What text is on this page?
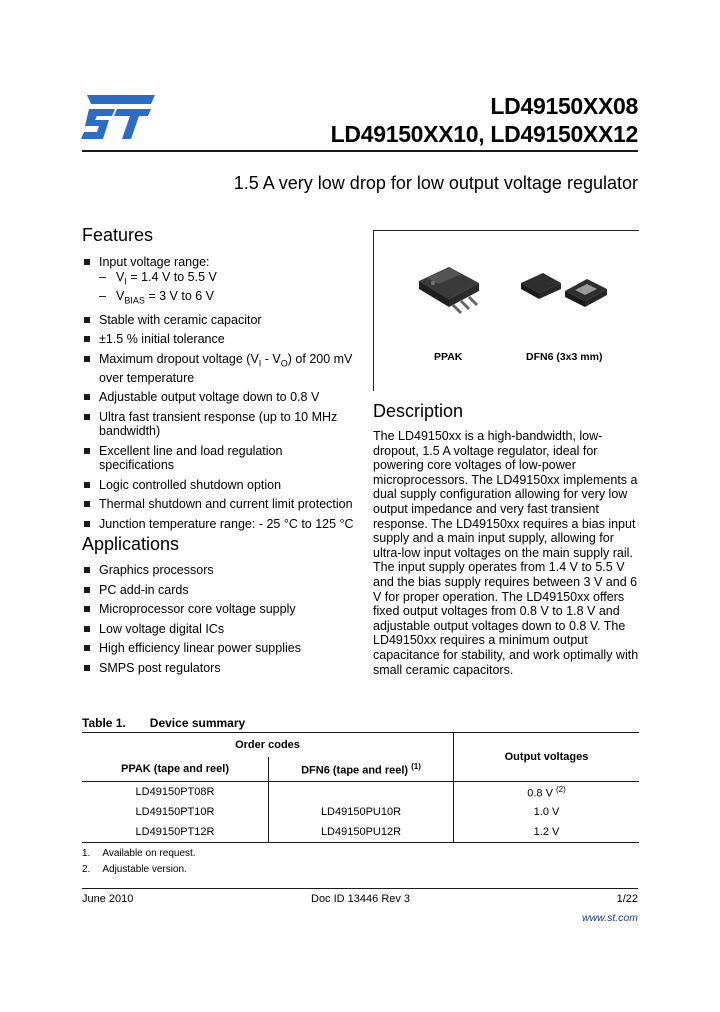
LD49150XX08
LD49150XX10, LD49150XX12
1.5 A very low drop for low output voltage regulator
Features
Input voltage range:
– $V_I = 1.4$ V to 5.5 V
– $V_{BIAS} = 3$ V to 6 V
Stable with ceramic capacitor
±1.5 % initial tolerance
Maximum dropout voltage $(V_I - V_O)$ of 200 mV over temperature
Adjustable output voltage down to 0.8 V
Ultra fast transient response (up to 10 MHz bandwidth)
Excellent line and load regulation specifications
Logic controlled shutdown option
Thermal shutdown and current limit protection
Junction temperature range: - 25 °C to 125 °C
Applications
Graphics processors
PC add-in cards
Microprocessor core voltage supply
Low voltage digital ICs
High efficiency linear power supplies
SMPS post regulators
PPAK	DFN6 (3x3 mm)
Description
The LD49150xx is a high-bandwidth, low-dropout, 1.5 A voltage regulator, ideal for powering core voltages of low-power microprocessors. The LD49150xx implements a dual supply configuration allowing for very low output impedance and very fast transient response. The LD49150xx requires a bias input supply and a main input supply, allowing for ultra-low input voltages on the main supply rail. The input supply operates from 1.4 V to 5.5 V and the bias supply requires between 3 V and 6 V for proper operation. The LD49150xx offers fixed output voltages from 0.8 V to 1.8 V and adjustable output voltages down to 0.8 V. The LD49150xx requires a minimum output capacitance for stability, and work optimally with small ceramic capacitors.
Table 1. Device summary
Order codes		Output voltages
PPAK (tape and reel)	DFN6 (tape and reel) $^{(1)}$
LD49150PT08R		0.8 V $^{(2)}$
LD49150PT10R	LD49150PU10R	1.0 V
LD49150PT12R	LD49150PU12R	1.2 V
1. Available on request.
2. Adjustable version.
June 2010	Doc ID 13446 Rev 3	1/22
www.st.com
